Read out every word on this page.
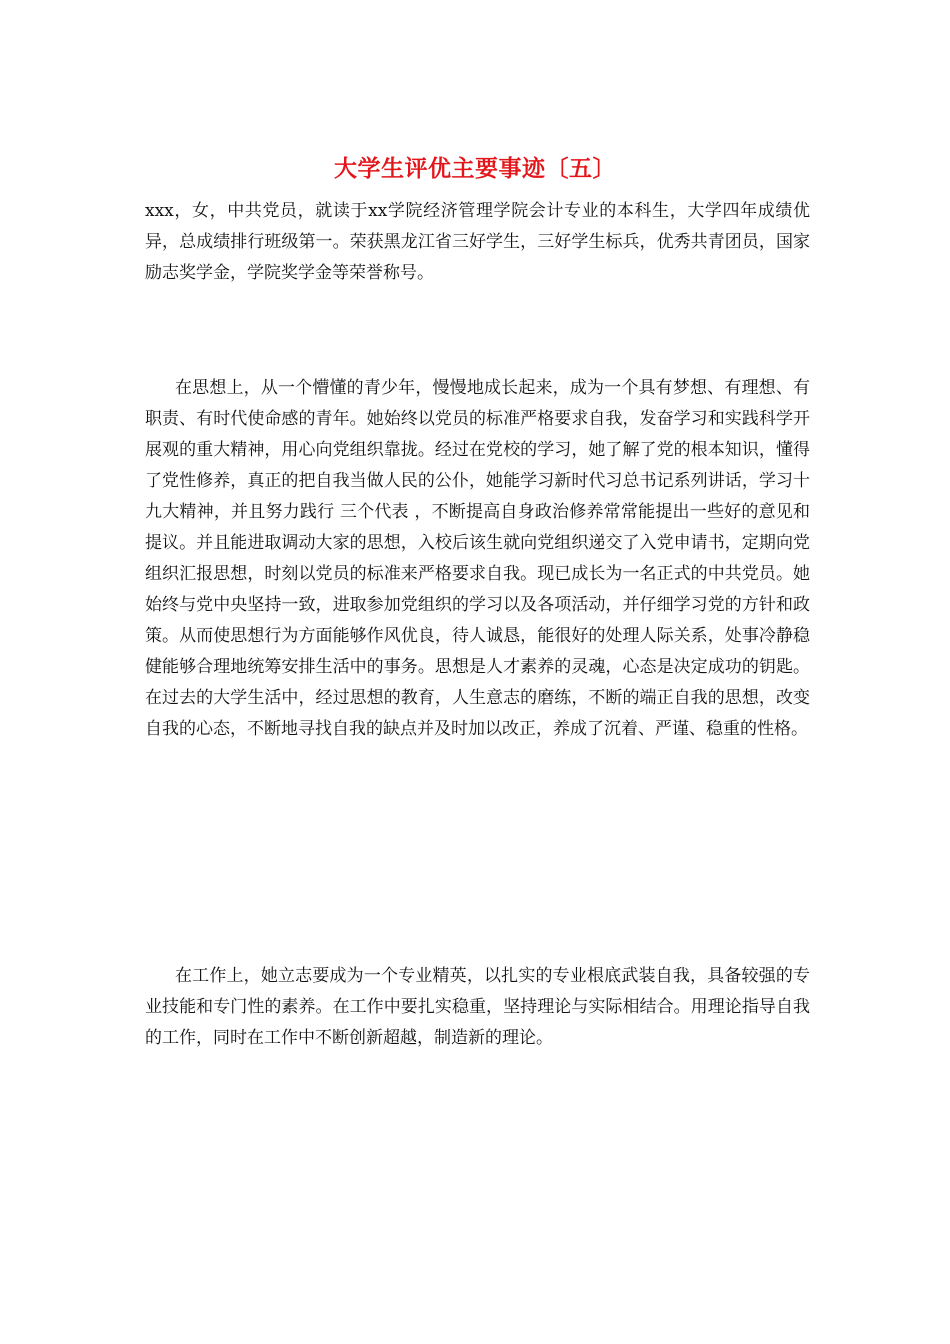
大学生评优主要事迹〔五〕

xxx，女，中共党员，就读于xx学院经济管理学院会计专业的本科生，大学四年成绩优异，总成绩排行班级第一。荣获黑龙江省三好学生，三好学生标兵，优秀共青团员，国家励志奖学金，学院奖学金等荣誉称号。

在思想上，从一个懵懂的青少年，慢慢地成长起来，成为一个具有梦想、有理想、有职责、有时代使命感的青年。她始终以党员的标准严格要求自我，发奋学习和实践科学开展观的重大精神，用心向党组织靠拢。经过在党校的学习，她了解了党的根本知识，懂得了党性修养，真正的把自我当做人民的公仆，她能学习新时代习总书记系列讲话，学习十九大精神，并且努力践行 三个代表 ，不断提高自身政治修养常常能提出一些好的意见和提议。并且能进取调动大家的思想，入校后该生就向党组织递交了入党申请书，定期向党组织汇报思想，时刻以党员的标准来严格要求自我。现已成长为一名正式的中共党员。她始终与党中央坚持一致，进取参加党组织的学习以及各项活动，并仔细学习党的方针和政策。从而使思想行为方面能够作风优良，待人诚恳，能很好的处理人际关系，处事冷静稳健能够合理地统筹安排生活中的事务。思想是人才素养的灵魂，心态是决定成功的钥匙。在过去的大学生活中，经过思想的教育，人生意志的磨练，不断的端正自我的思想，改变自我的心态，不断地寻找自我的缺点并及时加以改正，养成了沉着、严谨、稳重的性格。

在工作上，她立志要成为一个专业精英，以扎实的专业根底武装自我，具备较强的专业技能和专门性的素养。在工作中要扎实稳重，坚持理论与实际相结合。用理论指导自我的工作，同时在工作中不断创新超越，制造新的理论。
